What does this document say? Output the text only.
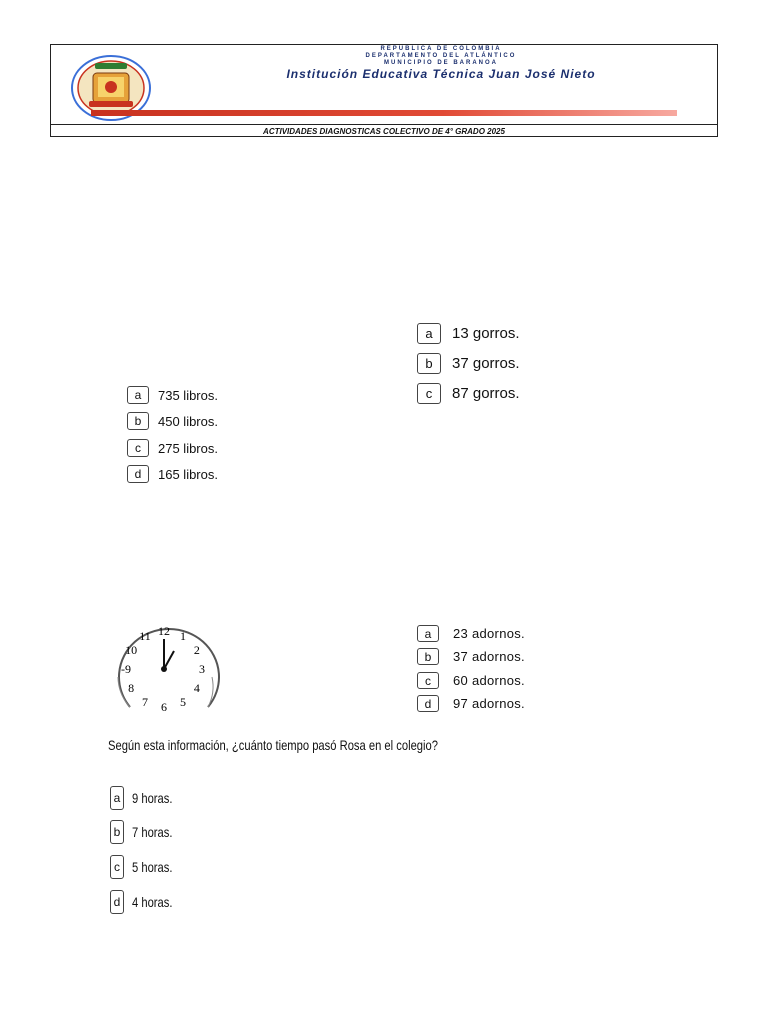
REPUBLICA DE COLOMBIA
DEPARTAMENTO DEL ATLÁNTICO
MUNICIPIO DE BARANOA
Institución Educativa Técnica Juan José Nieto
ACTIVIDADES DIAGNOSTICAS COLECTIVO DE 4° GRADO 2025
a	735 libros.
b	450 libros.
c	275 libros.
d	165 libros.
a	13 gorros.
b	37 gorros.
c	87 gorros.
12 1
2
3
4
5
6
7
8
-9
10
11	a	23 adornos.
b	37 adornos.
c	60 adornos.
d	97 adornos.
Según esta información, ¿cuánto tiempo pasó Rosa en el colegio?
a 9 horas.
b 7 horas.
c 5 horas.
d 4 horas.
